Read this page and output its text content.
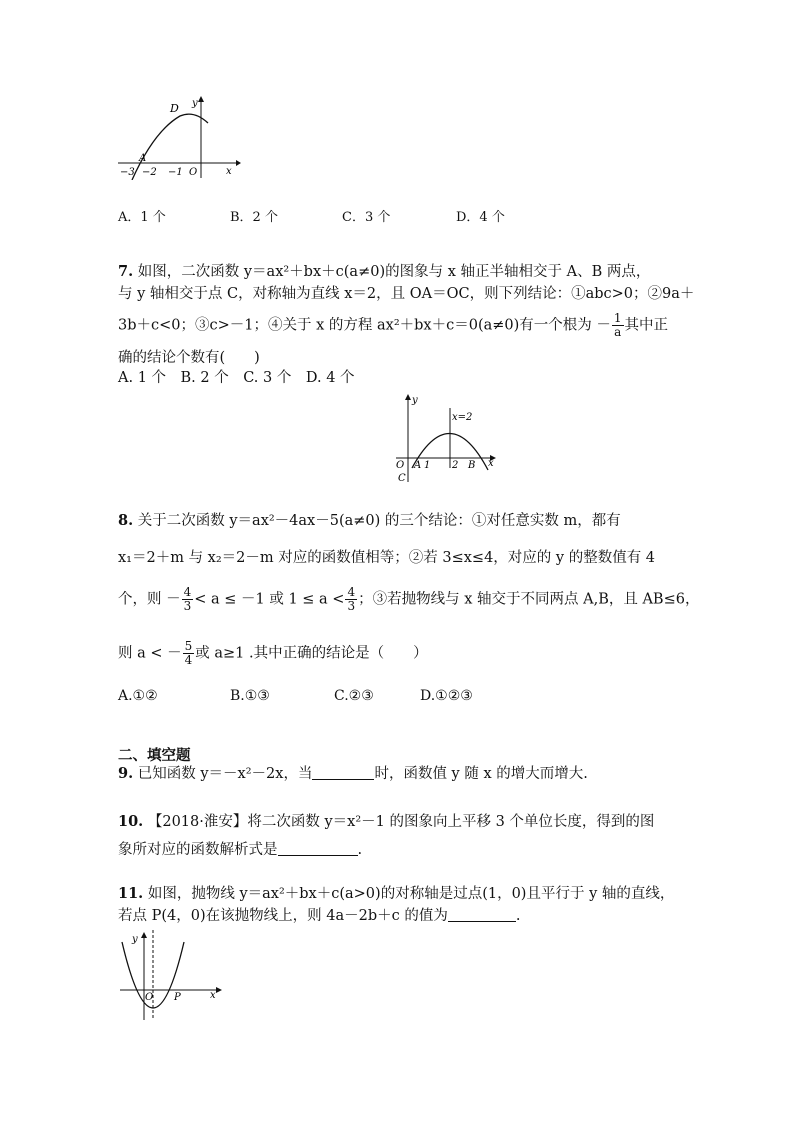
D y
A
x
−3 −2 −1 O
A．1 个	B．2 个	C．3 个	D．4 个
7. 如图，二次函数 y＝ax²＋bx＋c(a≠0)的图象与 x 轴正半轴相交于 A、B 两点，
与 y 轴相交于点 C，对称轴为直线 x＝2，且 OA＝OC，则下列结论：①abc>0；②9a＋
3b＋c<0；③c>－1；④关于 x 的方程 ax²＋bx＋c＝0(a≠0)有一个根为 － $\frac{1}{a}$ 其中正
确的结论个数有(　　)
A. 1 个　B. 2 个　C. 3 个　D. 4 个
y
x=2
O A 1 2 B x
C
8. 关于二次函数 y＝ax²－4ax－5(a≠0) 的三个结论：①对任意实数 m，都有
x₁＝2＋m 与 x₂＝2－m 对应的函数值相等；②若 3≤x≤4，对应的 y 的整数值有 4
个，则 － $\frac{4}{3} < a \le -1$ 或 $1 \le a < \frac{4}{3}$ ；③若抛物线与 x 轴交于不同两点 A,B，且 AB≤6，
则 a < － $\frac{5}{4}$ 或 a≥1 .其中正确的结论是（　　）
A.①②	B.①③	C.②③	D.①②③
二、填空题
9. 已知函数 y＝－x²－2x，当	时，函数值 y 随 x 的增大而增大.
10. 【2018·淮安】将二次函数 y＝x²－1 的图象向上平移 3 个单位长度，得到的图
象所对应的函数解析式是	.
11. 如图，抛物线 y＝ax²＋bx＋c(a>0)的对称轴是过点(1，0)且平行于 y 轴的直线，
若点 P(4，0)在该抛物线上，则 4a－2b＋c 的值为	.
y
O P	x
